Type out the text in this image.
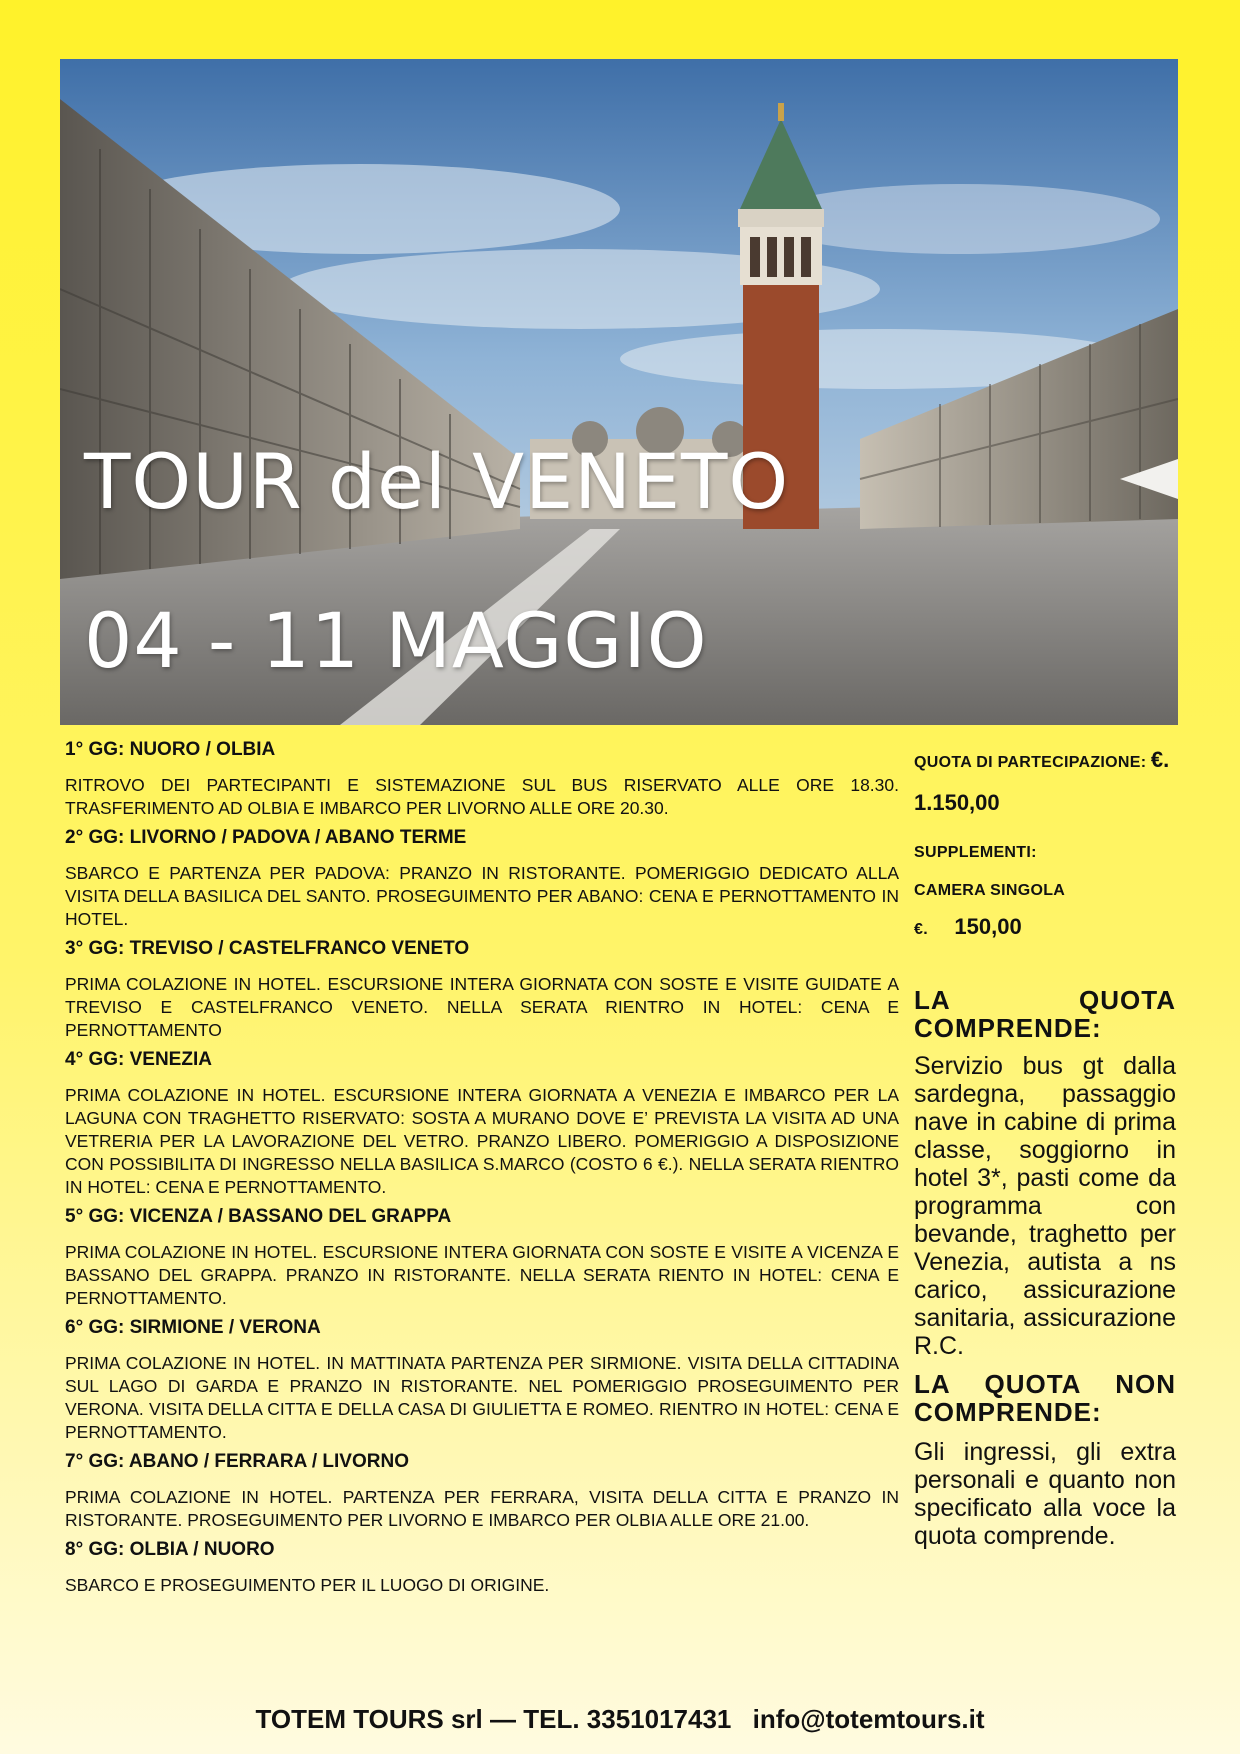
TOUR del VENETO
04 - 11 MAGGIO
1° GG: NUORO / OLBIA
RITROVO DEI PARTECIPANTI E SISTEMAZIONE SUL BUS RISERVATO ALLE ORE 18.30. TRASFERIMENTO AD OLBIA E IMBARCO PER LIVORNO ALLE ORE 20.30.
2° GG: LIVORNO / PADOVA / ABANO TERME
SBARCO E PARTENZA PER PADOVA: PRANZO IN RISTORANTE. POMERIGGIO DEDICATO ALLA VISITA DELLA BASILICA DEL SANTO. PROSEGUIMENTO PER ABANO: CENA E PERNOTTAMENTO IN HOTEL.
3° GG: TREVISO / CASTELFRANCO VENETO
PRIMA COLAZIONE IN HOTEL. ESCURSIONE INTERA GIORNATA CON SOSTE E VISITE GUIDATE A TREVISO E CASTELFRANCO VENETO. NELLA SERATA RIENTRO IN HOTEL: CENA E PERNOTTAMENTO
4° GG: VENEZIA
PRIMA COLAZIONE IN HOTEL. ESCURSIONE INTERA GIORNATA A VENEZIA E IMBARCO PER LA LAGUNA CON TRAGHETTO RISERVATO: SOSTA A MURANO DOVE E’ PREVISTA LA VISITA AD UNA VETRERIA PER LA LAVORAZIONE DEL VETRO. PRANZO LIBERO. POMERIGGIO A DISPOSIZIONE CON POSSIBILITA DI INGRESSO NELLA BASILICA S.MARCO (COSTO 6 €.). NELLA SERATA RIENTRO IN HOTEL: CENA E PERNOTTAMENTO.
5° GG: VICENZA / BASSANO DEL GRAPPA
PRIMA COLAZIONE IN HOTEL. ESCURSIONE INTERA GIORNATA CON SOSTE E VISITE A VICENZA E BASSANO DEL GRAPPA. PRANZO IN RISTORANTE. NELLA SERATA RIENTO IN HOTEL: CENA E PERNOTTAMENTO.
6° GG: SIRMIONE / VERONA
PRIMA COLAZIONE IN HOTEL. IN MATTINATA PARTENZA PER SIRMIONE. VISITA DELLA CITTADINA SUL LAGO DI GARDA E PRANZO IN RISTORANTE. NEL POMERIGGIO PROSEGUIMENTO PER VERONA. VISITA DELLA CITTA E DELLA CASA DI GIULIETTA E ROMEO. RIENTRO IN HOTEL: CENA E PERNOTTAMENTO.
7° GG: ABANO / FERRARA / LIVORNO
PRIMA COLAZIONE IN HOTEL. PARTENZA PER FERRARA, VISITA DELLA CITTA E PRANZO IN RISTORANTE. PROSEGUIMENTO PER LIVORNO E IMBARCO PER OLBIA ALLE ORE 21.00.
8° GG: OLBIA / NUORO
SBARCO E PROSEGUIMENTO PER IL LUOGO DI ORIGINE.
QUOTA DI PARTECIPAZIONE: €. 1.150,00
SUPPLEMENTI:
CAMERA SINGOLA
€. 150,00
LA QUOTA COMPRENDE:
Servizio bus gt dalla sardegna, passaggio nave in cabine di prima classe, soggiorno in hotel 3*, pasti come da programma con bevande, traghetto per Venezia, autista a ns carico, assicurazione sanitaria, assicurazione R.C.
LA QUOTA NON COMPRENDE:
Gli ingressi, gli extra personali e quanto non specificato alla voce la quota comprende.
TOTEM TOURS srl — TEL. 3351017431 info@totemtours.it
